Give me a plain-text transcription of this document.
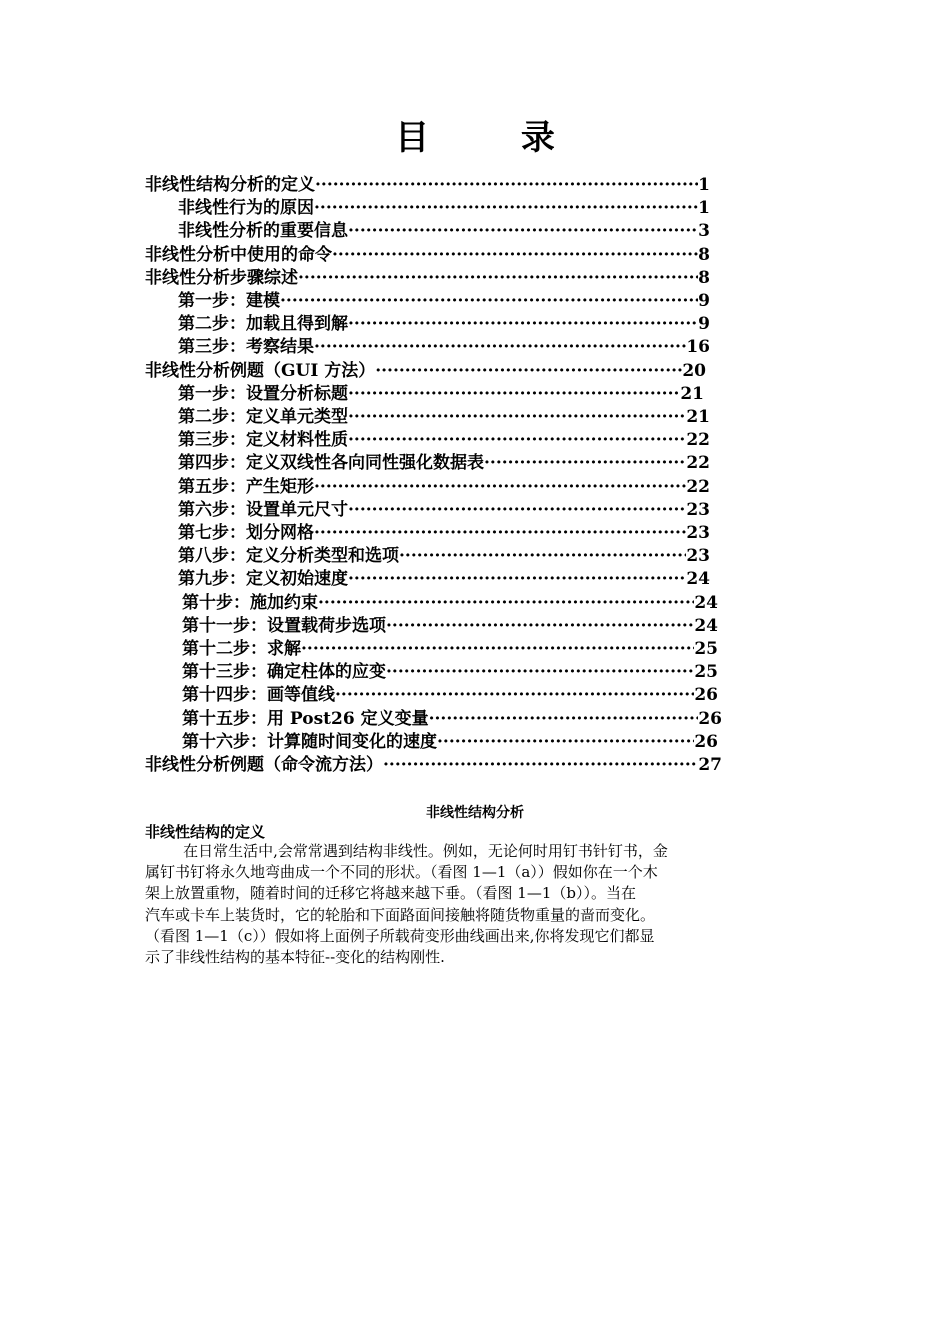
目 录
非线性结构分析的定义 ·····	1
非线性行为的原因 ·····	1
非线性分析的重要信息 ·····	3
非线性分析中使用的命令 ·····	8
非线性分析步骤综述 ·····	8
第一步：建模 ·····	9
第二步：加载且得到解 ·····	9
第三步：考察结果 ·····	16
非线性分析例题（GUI 方法） ·····	20
第一步：设置分析标题 ·····	21
第二步：定义单元类型 ·····	21
第三步：定义材料性质 ·····	22
第四步：定义双线性各向同性强化数据表 ·····	22
第五步：产生矩形 ·····	22
第六步：设置单元尺寸 ·····	23
第七步：划分网格 ·····	23
第八步：定义分析类型和选项 ·····	23
第九步：定义初始速度 ·····	24
第十步：施加约束 ·····	24
第十一步：设置载荷步选项 ·····	24
第十二步：求解 ·····	25
第十三步：确定柱体的应变 ·····	25
第十四步：画等值线 ·····	26
第十五步：用 Post26 定义变量 ·····	26
第十六步：计算随时间变化的速度 ·····	26
非线性分析例题（命令流方法） ·····	27
非线性结构分析
非线性结构的定义
在日常生活中,会常常遇到结构非线性。例如，无论何时用钉书针钉书，金
属钉书钉将永久地弯曲成一个不同的形状。（看图 1—1（a））假如你在一个木
架上放置重物，随着时间的迁移它将越来越下垂。（看图 1—1（b））。当在
汽车或卡车上装货时，它的轮胎和下面路面间接触将随货物重量的啬而变化。
（看图 1—1（c））假如将上面例子所载荷变形曲线画出来,你将发现它们都显
示了非线性结构的基本特征--变化的结构刚性.
